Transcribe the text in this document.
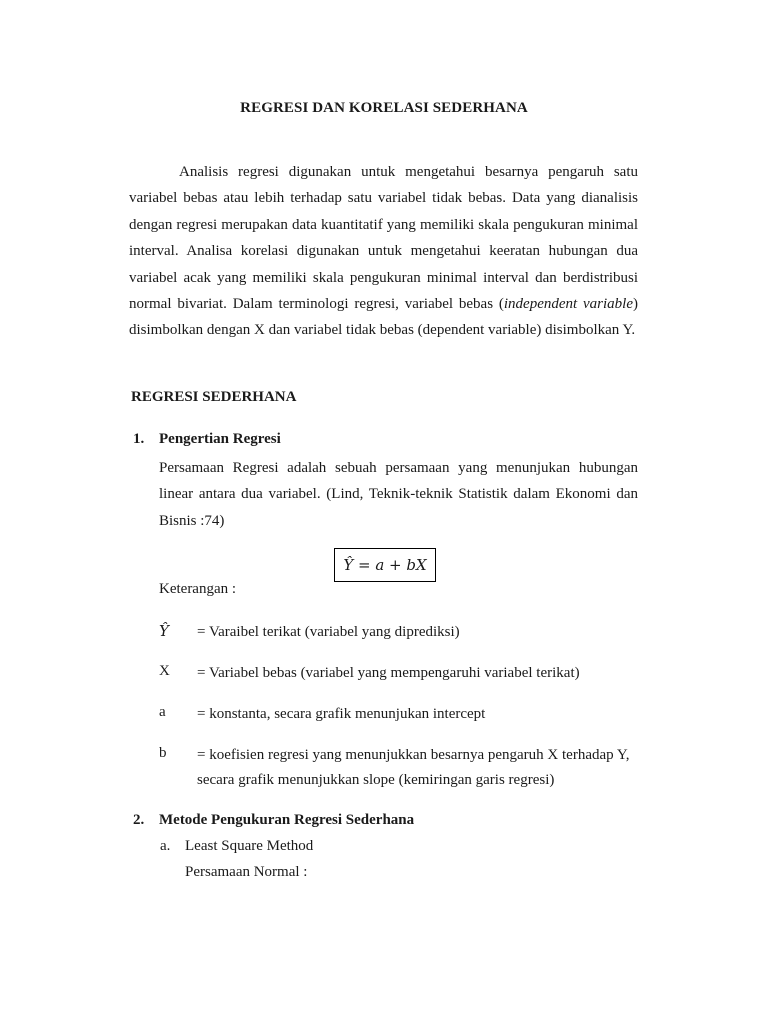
REGRESI DAN KORELASI SEDERHANA
Analisis regresi digunakan untuk mengetahui besarnya pengaruh satu variabel bebas atau lebih terhadap satu variabel tidak bebas. Data yang dianalisis dengan regresi merupakan data kuantitatif yang memiliki skala pengukuran minimal interval. Analisa korelasi digunakan untuk mengetahui keeratan hubungan dua variabel acak yang memiliki skala pengukuran minimal interval dan berdistribusi normal bivariat. Dalam terminologi regresi, variabel bebas (independent variable) disimbolkan dengan X dan variabel tidak bebas (dependent variable) disimbolkan Y.
REGRESI SEDERHANA
1. Pengertian Regresi
Persamaan Regresi adalah sebuah persamaan yang menunjukan hubungan linear antara dua variabel. (Lind, Teknik-teknik Statistik dalam Ekonomi dan Bisnis :74)
Ŷ = a + bX
Keterangan :
Ŷ = Varaibel terikat (variabel yang diprediksi)
X = Variabel bebas (variabel yang mempengaruhi variabel terikat)
a = konstanta, secara grafik menunjukan intercept
b = koefisien regresi yang menunjukkan besarnya pengaruh X terhadap Y, secara grafik menunjukkan slope (kemiringan garis regresi)
2. Metode Pengukuran Regresi Sederhana
a. Least Square Method
Persamaan Normal :
